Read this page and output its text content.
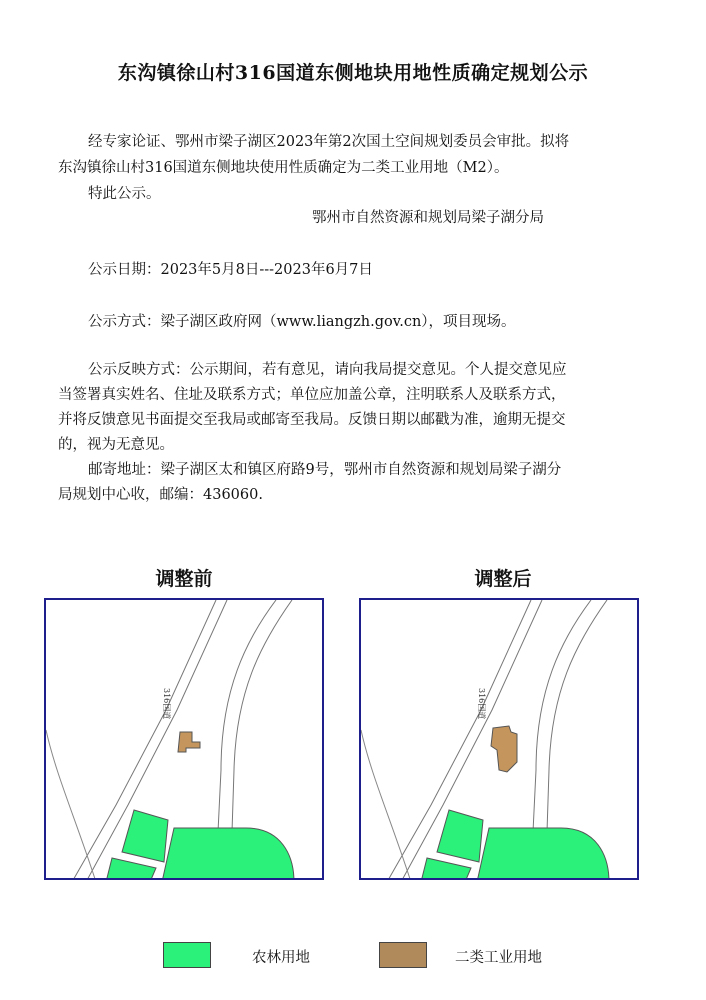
东沟镇徐山村316国道东侧地块用地性质确定规划公示
经专家论证、鄂州市梁子湖区2023年第2次国土空间规划委员会审批。拟将
东沟镇徐山村316国道东侧地块使用性质确定为二类工业用地（M2）。
特此公示。
鄂州市自然资源和规划局梁子湖分局
公示日期：2023年5月8日---2023年6月7日
公示方式：梁子湖区政府网（www.liangzh.gov.cn），项目现场。
公示反映方式：公示期间，若有意见，请向我局提交意见。个人提交意见应
当签署真实姓名、住址及联系方式；单位应加盖公章，注明联系人及联系方式，
并将反馈意见书面提交至我局或邮寄至我局。反馈日期以邮戳为准，逾期无提交
的，视为无意见。
邮寄地址：梁子湖区太和镇区府路9号，鄂州市自然资源和规划局梁子湖分
局规划中心收，邮编：436060.
调整前	调整后
316国道	316国道
农林用地	二类工业用地
